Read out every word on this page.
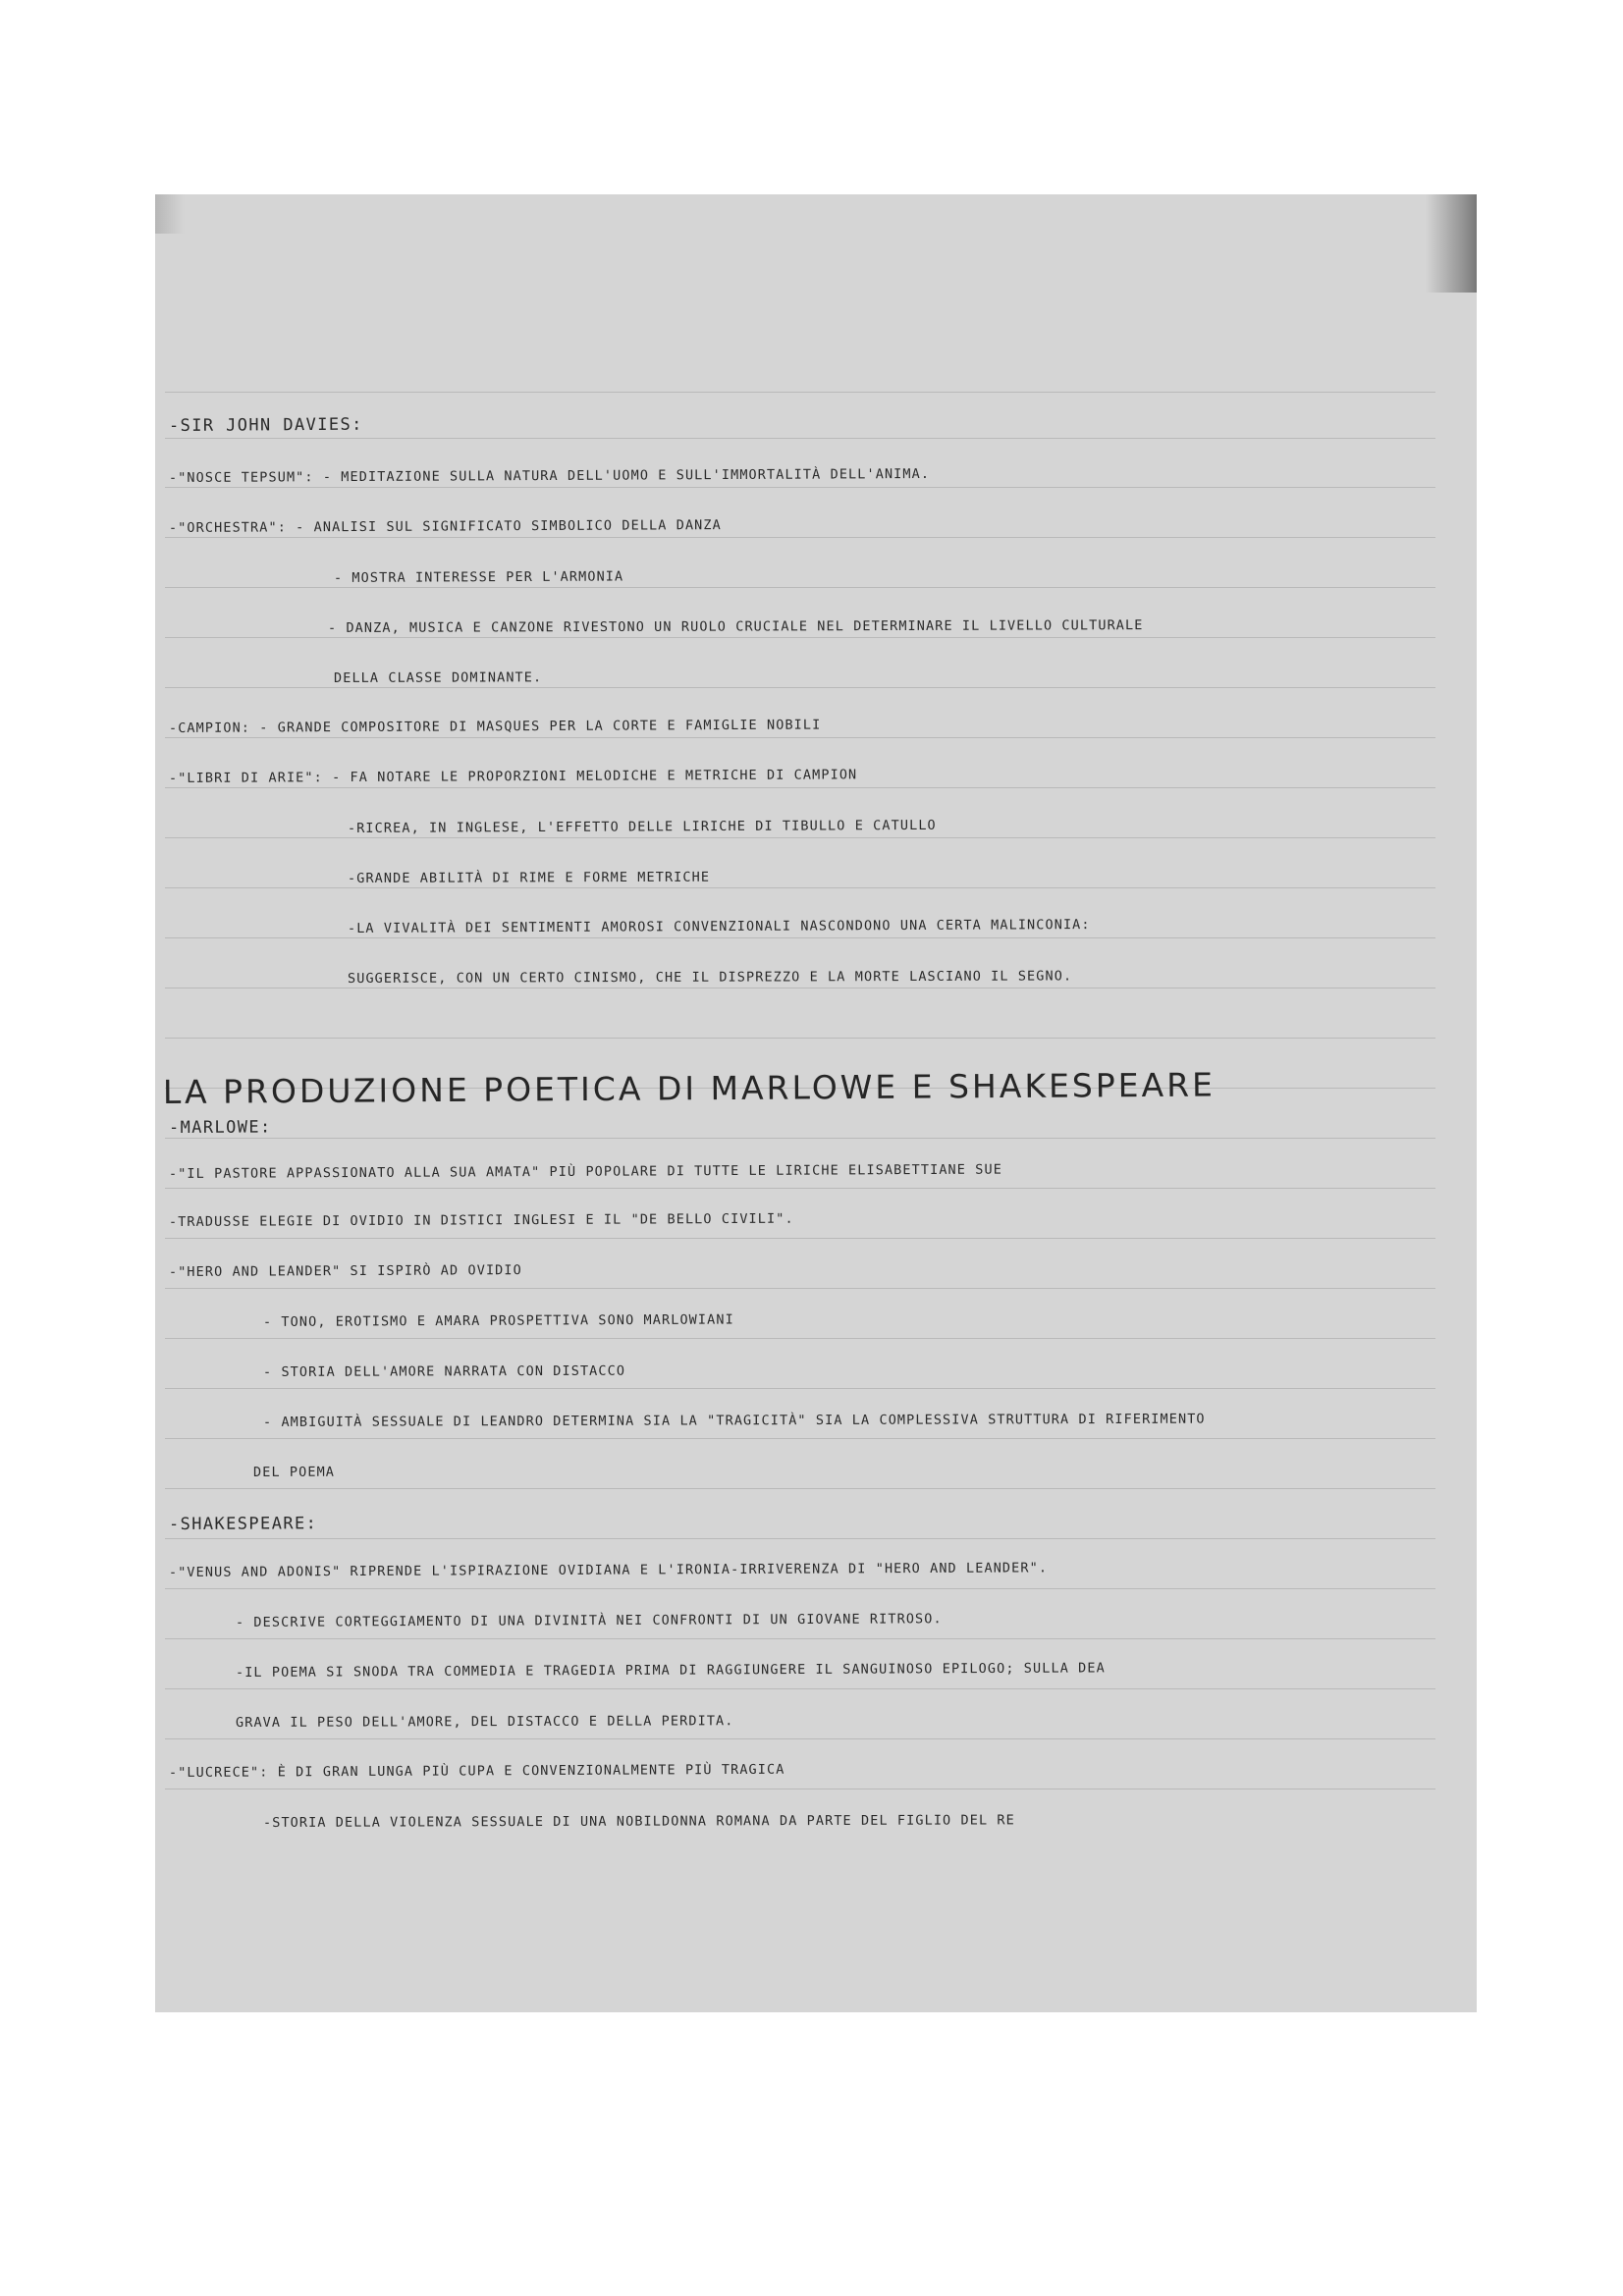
-SIR JOHN DAVIES:

-"NOSCE TEPSUM": - MEDITAZIONE SULLA NATURA DELL'UOMO E SULL'IMMORTALITÀ DELL'ANIMA.

-"ORCHESTRA": - ANALISI SUL SIGNIFICATO SIMBOLICO DELLA DANZA

- MOSTRA INTERESSE PER L'ARMONIA

- DANZA, MUSICA E CANZONE RIVESTONO UN RUOLO CRUCIALE NEL DETERMINARE IL LIVELLO CULTURALE

DELLA CLASSE DOMINANTE.

-CAMPION: - GRANDE COMPOSITORE DI MASQUES PER LA CORTE E FAMIGLIE NOBILI

-"LIBRI DI ARIE": - FA NOTARE LE PROPORZIONI MELODICHE E METRICHE DI CAMPION

-RICREA, IN INGLESE, L'EFFETTO DELLE LIRICHE DI TIBULLO E CATULLO

-GRANDE ABILITÀ DI RIME E FORME METRICHE

-LA VIVALITÀ DEI SENTIMENTI AMOROSI CONVENZIONALI NASCONDONO UNA CERTA MALINCONIA:

SUGGERISCE, CON UN CERTO CINISMO, CHE IL DISPREZZO E LA MORTE LASCIANO IL SEGNO.

LA PRODUZIONE POETICA DI MARLOWE E SHAKESPEARE

-MARLOWE:

-"IL PASTORE APPASSIONATO ALLA SUA AMATA" PIÙ POPOLARE DI TUTTE LE LIRICHE ELISABETTIANE SUE

-TRADUSSE ELEGIE DI OVIDIO IN DISTICI INGLESI E IL "DE BELLO CIVILI".

-"HERO AND LEANDER" SI ISPIRÒ AD OVIDIO

- TONO, EROTISMO E AMARA PROSPETTIVA SONO MARLOWIANI

- STORIA DELL'AMORE NARRATA CON DISTACCO

- AMBIGUITÀ SESSUALE DI LEANDRO DETERMINA SIA LA "TRAGICITÀ" SIA LA COMPLESSIVA STRUTTURA DI RIFERIMENTO

DEL POEMA

-SHAKESPEARE:

-"VENUS AND ADONIS" RIPRENDE L'ISPIRAZIONE OVIDIANA E L'IRONIA-IRRIVERENZA DI "HERO AND LEANDER".

- DESCRIVE CORTEGGIAMENTO DI UNA DIVINITÀ NEI CONFRONTI DI UN GIOVANE RITROSO.

-IL POEMA SI SNODA TRA COMMEDIA E TRAGEDIA PRIMA DI RAGGIUNGERE IL SANGUINOSO EPILOGO; SULLA DEA

GRAVA IL PESO DELL'AMORE, DEL DISTACCO E DELLA PERDITA.

-"LUCRECE": È DI GRAN LUNGA PIÙ CUPA E CONVENZIONALMENTE PIÙ TRAGICA

-STORIA DELLA VIOLENZA SESSUALE DI UNA NOBILDONNA ROMANA DA PARTE DEL FIGLIO DEL RE
